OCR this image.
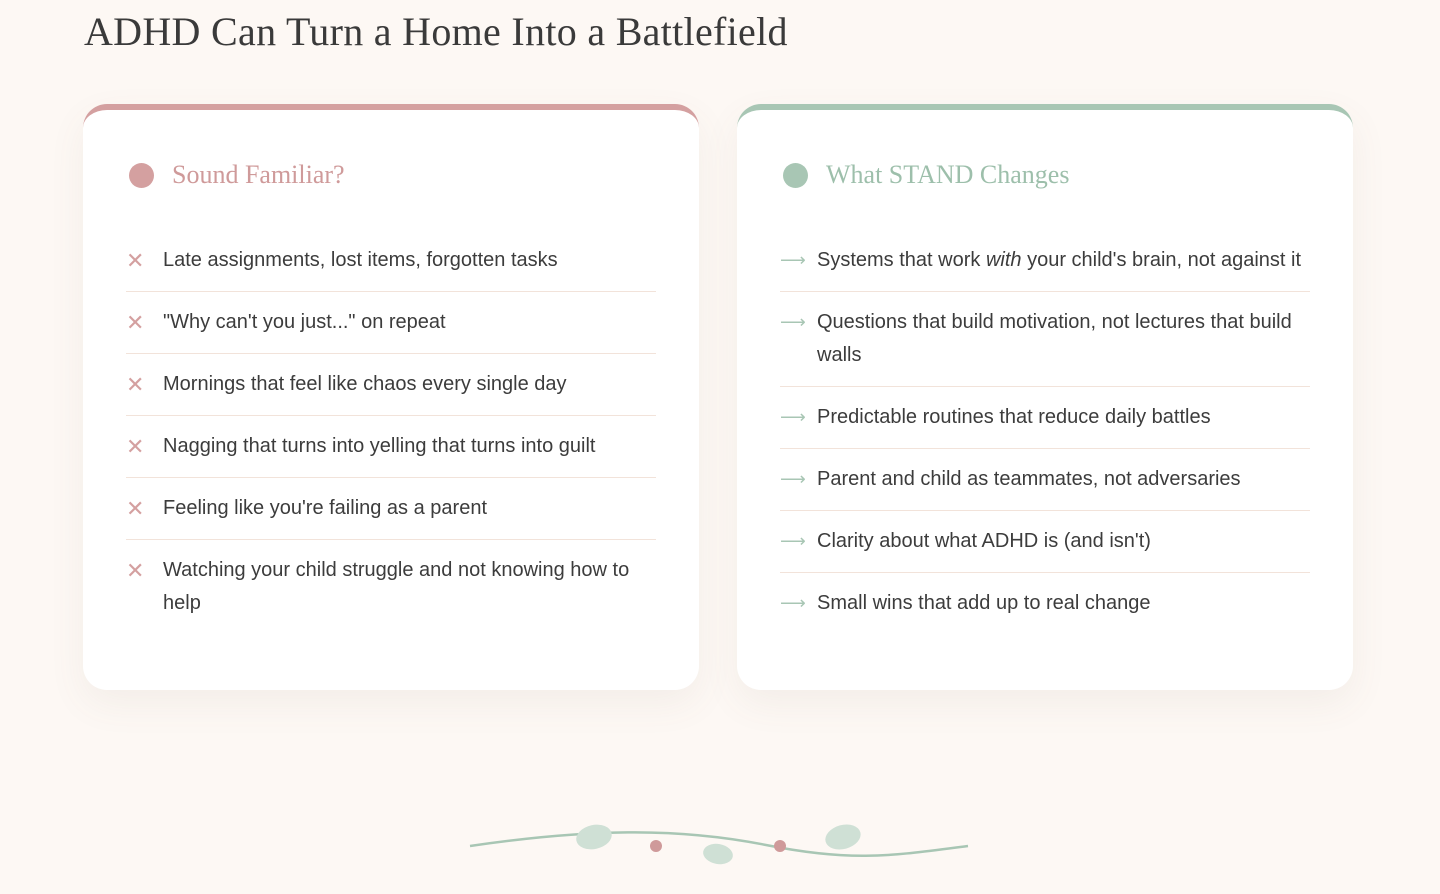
ADHD Can Turn a Home Into a Battlefield
Sound Familiar?
✕ Late assignments, lost items, forgotten tasks
✕ "Why can't you just..." on repeat
✕ Mornings that feel like chaos every single day
✕ Nagging that turns into yelling that turns into guilt
✕ Feeling like you're failing as a parent
✕ Watching your child struggle and not knowing how to help
What STAND Changes
⟶ Systems that work with your child's brain, not against it
⟶ Questions that build motivation, not lectures that build walls
⟶ Predictable routines that reduce daily battles
⟶ Parent and child as teammates, not adversaries
⟶ Clarity about what ADHD is (and isn't)
⟶ Small wins that add up to real change
